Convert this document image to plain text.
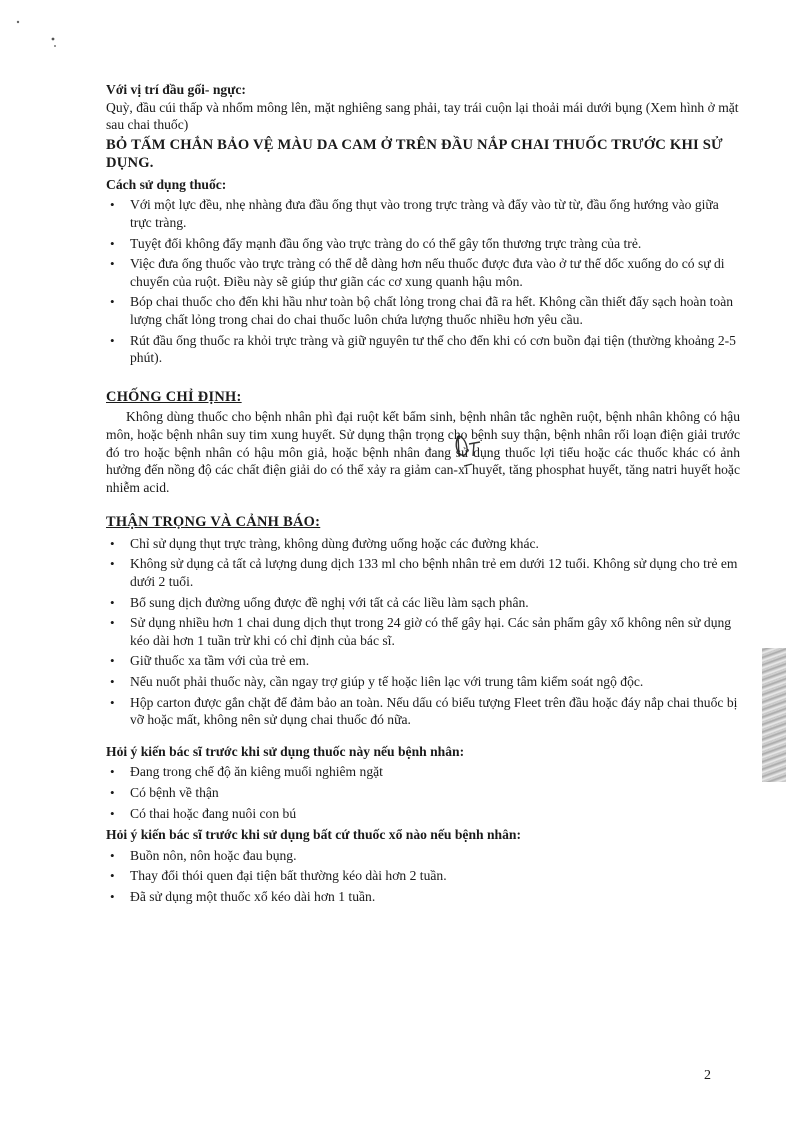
Với vị trí đầu gối- ngực:

Quỳ, đầu cúi thấp và nhổm mông lên, mặt nghiêng sang phải, tay trái cuộn lại thoải mái dưới bụng (Xem hình ở mặt sau chai thuốc)

BỎ TẤM CHẮN BẢO VỆ MÀU DA CAM Ở TRÊN ĐẦU NẮP CHAI THUỐC TRƯỚC KHI SỬ DỤNG.
Cách sử dụng thuốc:
• Với một lực đều, nhẹ nhàng đưa đầu ống thụt vào trong trực tràng và đẩy vào từ từ, đầu ống hướng vào giữa trực tràng.
• Tuyệt đối không đẩy mạnh đầu ống vào trực tràng do có thể gây tổn thương trực tràng của trẻ.
• Việc đưa ống thuốc vào trực tràng có thể dễ dàng hơn nếu thuốc được đưa vào ở tư thế dốc xuống do có sự di chuyển của ruột. Điều này sẽ giúp thư giãn các cơ xung quanh hậu môn.
• Bóp chai thuốc cho đến khi hầu như toàn bộ chất lỏng trong chai đã ra hết. Không cần thiết đẩy sạch hoàn toàn lượng chất lỏng trong chai do chai thuốc luôn chứa lượng thuốc nhiều hơn yêu cầu.
• Rút đầu ống thuốc ra khỏi trực tràng và giữ nguyên tư thế cho đến khi có cơn buồn đại tiện (thường khoảng 2-5 phút).
CHỐNG CHỈ ĐỊNH:

Không dùng thuốc cho bệnh nhân phì đại ruột kết bẩm sinh, bệnh nhân tắc nghẽn ruột, bệnh nhân không có hậu môn, hoặc bệnh nhân suy tim xung huyết. Sử dụng thận trọng cho bệnh suy thận, bệnh nhân rối loạn điện giải trước đó tro hoặc bệnh nhân có hậu môn giả, hoặc bệnh nhân đang sử dụng thuốc lợi tiểu hoặc các thuốc khác có ảnh hưởng đến nồng độ các chất điện giải do có thể xảy ra giảm can-xi huyết, tăng phosphat huyết, tăng natri huyết hoặc nhiễm acid.

THẬN TRỌNG VÀ CẢNH BÁO:
• Chỉ sử dụng thụt trực tràng, không dùng đường uống hoặc các đường khác.
• Không sử dụng cả tất cả lượng dung dịch 133 ml cho bệnh nhân trẻ em dưới 12 tuổi. Không sử dụng cho trẻ em dưới 2 tuổi.
• Bổ sung dịch đường uống được đề nghị với tất cả các liều làm sạch phân.
• Sử dụng nhiều hơn 1 chai dung dịch thụt trong 24 giờ có thể gây hại. Các sản phẩm gây xổ không nên sử dụng kéo dài hơn 1 tuần trừ khi có chỉ định của bác sĩ.
• Giữ thuốc xa tầm với của trẻ em.
• Nếu nuốt phải thuốc này, cần ngay trợ giúp y tế hoặc liên lạc với trung tâm kiểm soát ngộ độc.
• Hộp carton được gắn chặt để đảm bảo an toàn. Nếu dấu có biểu tượng Fleet trên đầu hoặc đáy nắp chai thuốc bị vỡ hoặc mất, không nên sử dụng chai thuốc đó nữa.
Hỏi ý kiến bác sĩ trước khi sử dụng thuốc này nếu bệnh nhân:
• Đang trong chế độ ăn kiêng muối nghiêm ngặt
• Có bệnh về thận
• Có thai hoặc đang nuôi con bú
Hỏi ý kiến bác sĩ trước khi sử dụng bất cứ thuốc xổ nào nếu bệnh nhân:
• Buồn nôn, nôn hoặc đau bụng.
• Thay đổi thói quen đại tiện bất thường kéo dài hơn 2 tuần.
• Đã sử dụng một thuốc xổ kéo dài hơn 1 tuần.
2
